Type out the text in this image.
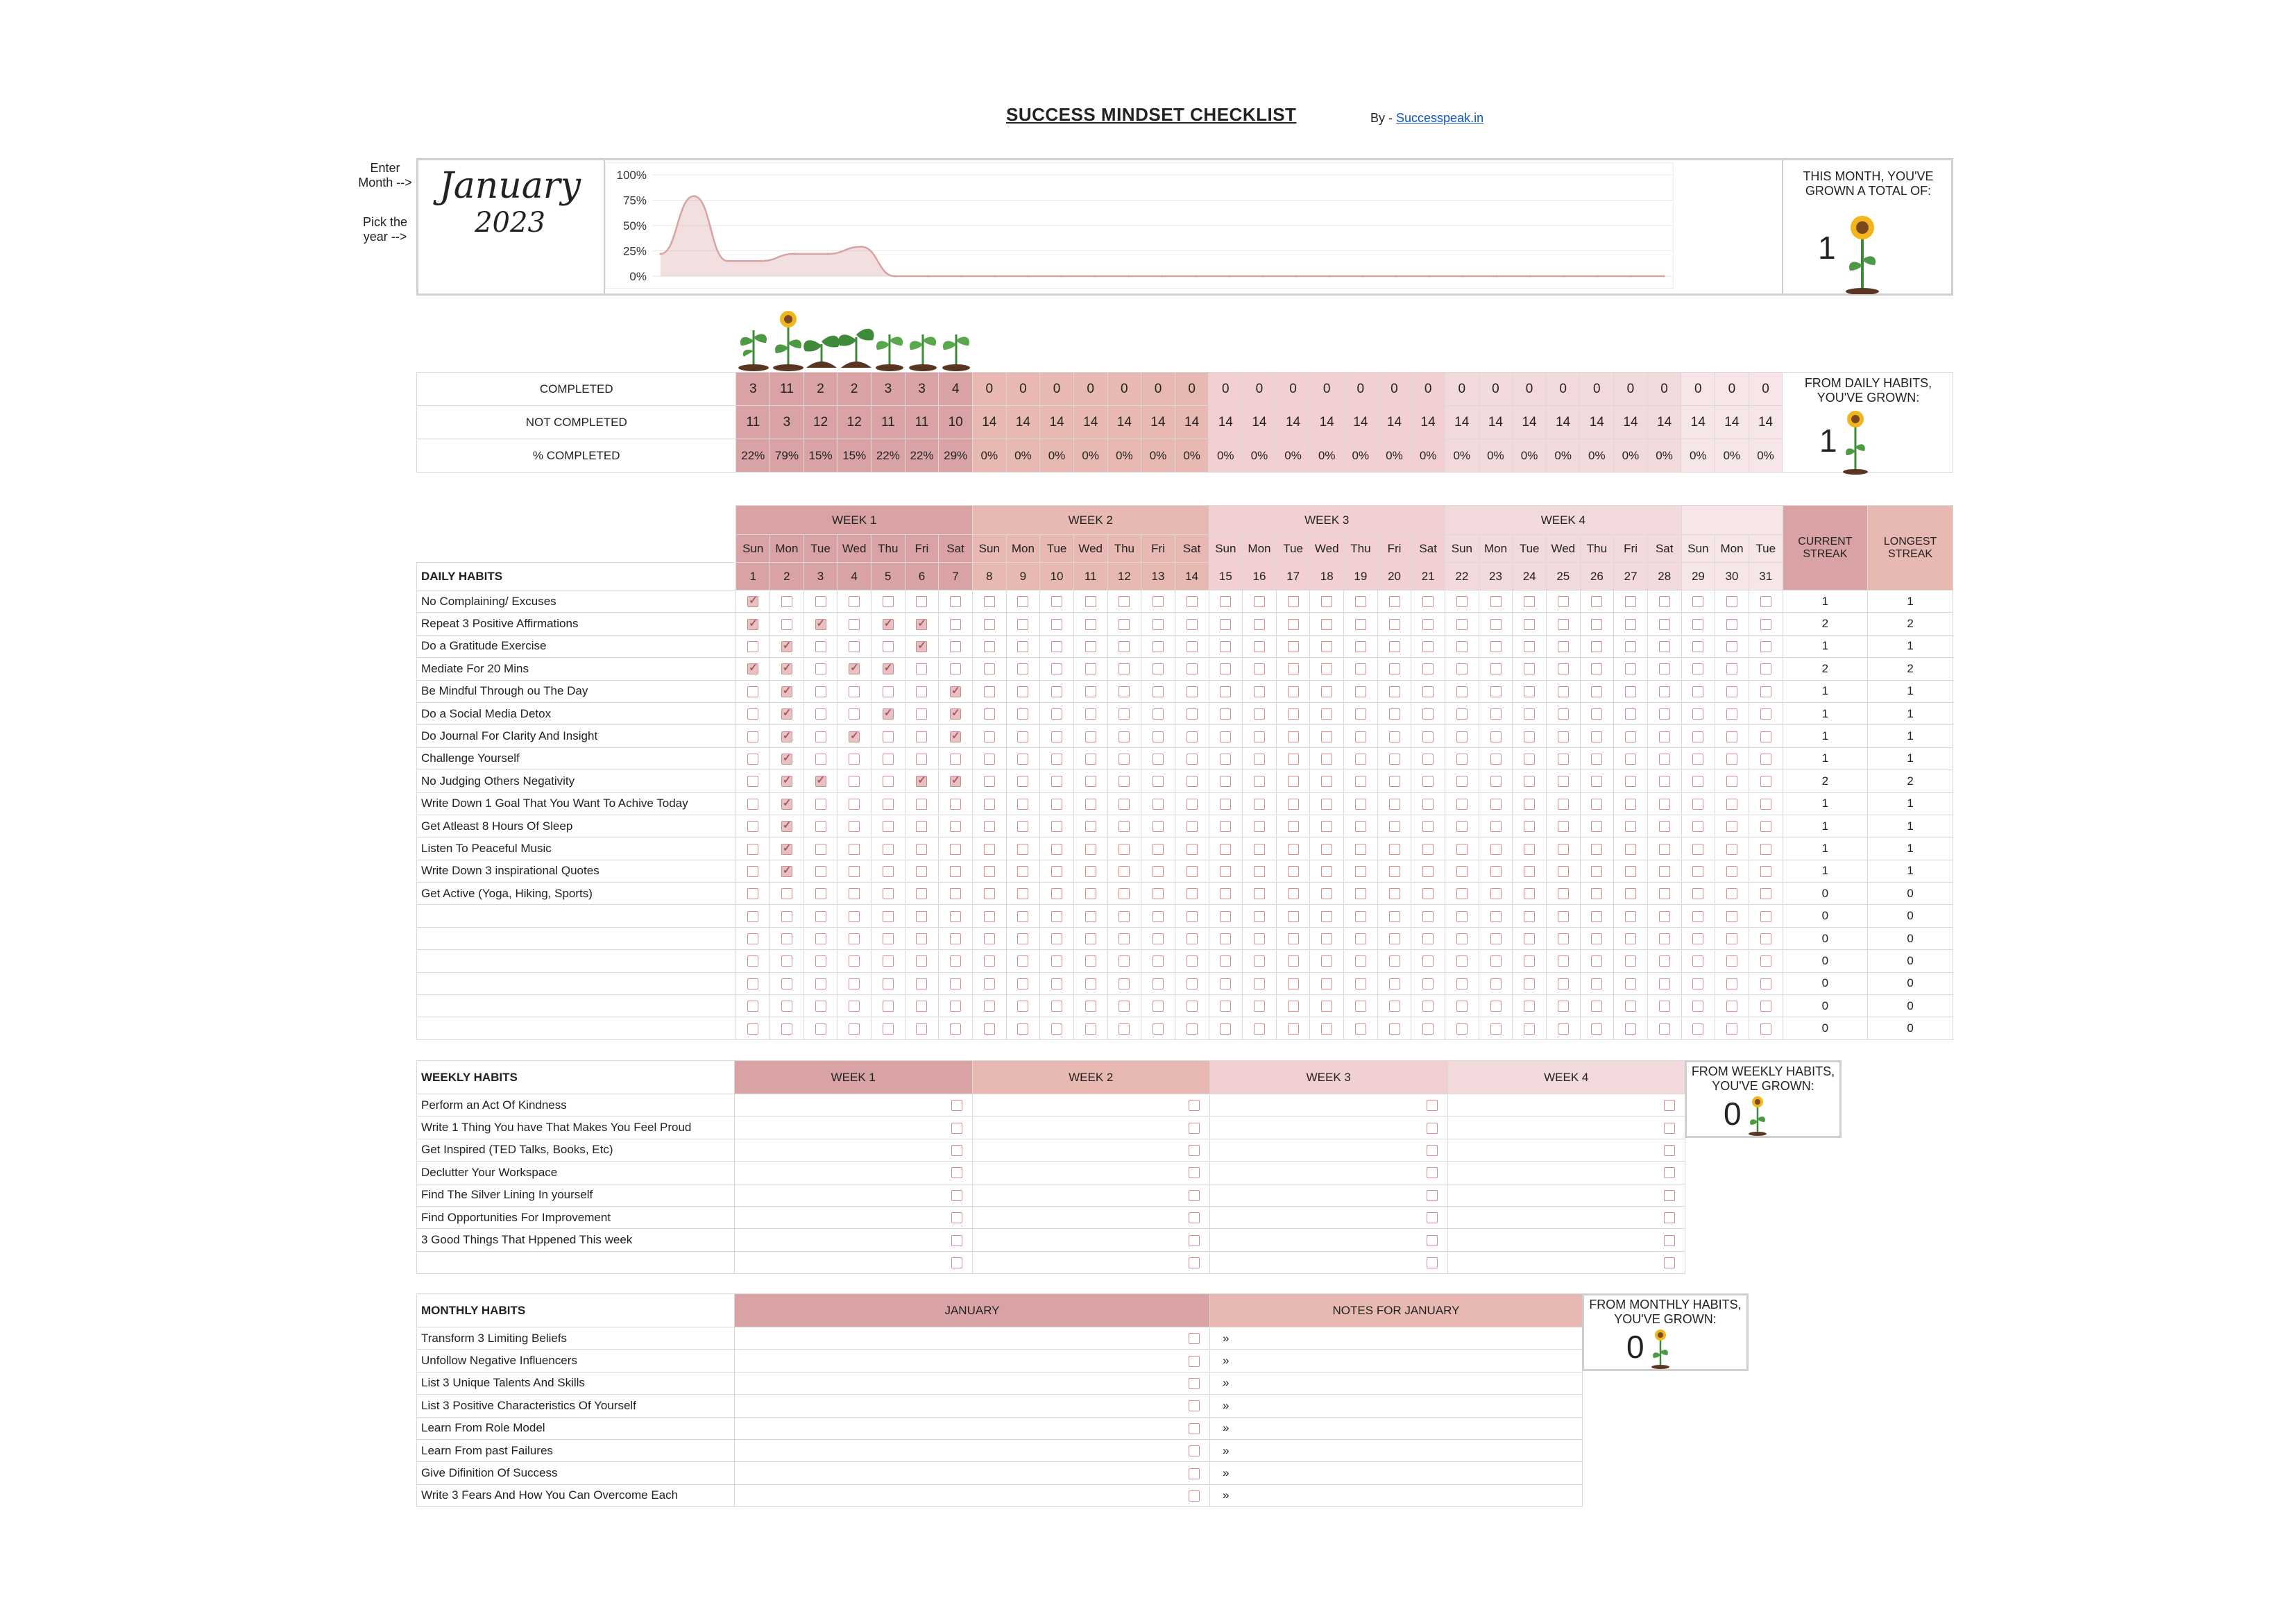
SUCCESS MINDSET CHECKLIST	By - Successpeak.in
Enter Month -->
Pick the year -->
January
2023
100%
75%
50%
25%
0%
THIS MONTH, YOU'VE GROWN A TOTAL OF:
1
COMPLETED	3	11	2	2	3	3	4	0	0	0	0	0	0	0	0	0	0	0	0	0	0	0	0	0	0	0	0	0	0	0	0	
NOT COMPLETED	11	3	12	12	11	11	10	14	14	14	14	14	14	14	14	14	14	14	14	14	14	14	14	14	14	14	14	14	14	14	14	
% COMPLETED	22%	79%	15%	15%	22%	22%	29%	0%	0%	0%	0%	0%	0%	0%	0%	0%	0%	0%	0%	0%	0%	0%	0%	0%	0%	0%	0%	0%	0%	0%	0%	
FROM DAILY HABITS, YOU'VE GROWN:
1
	WEEK 1							WEEK 2							WEEK 3							WEEK 4										CURRENT STREAK	LONGEST STREAK
	Sun	Mon	Tue	Wed	Thu	Fri	Sat	Sun	Mon	Tue	Wed	Thu	Fri	Sat	Sun	Mon	Tue	Wed	Thu	Fri	Sat	Sun	Mon	Tue	Wed	Thu	Fri	Sat	Sun	Mon	Tue		
DAILY HABITS	1	2	3	4	5	6	7	8	9	10	11	12	13	14	15	16	17	18	19	20	21	22	23	24	25	26	27	28	29	30	31		
No Complaining/ Excuses	✓																															1	1
Repeat 3 Positive Affirmations	✓		✓		✓	✓																										2	2
Do a Gratitude Exercise		✓				✓																										1	1
Mediate For 20 Mins	✓	✓		✓	✓																											2	2
Be Mindful Through ou The Day		✓					✓																									1	1
Do a Social Media Detox		✓			✓		✓																									1	1
Do Journal For Clarity And Insight		✓		✓			✓																									1	1
Challenge Yourself		✓																														1	1
No Judging Others Negativity		✓	✓			✓	✓																									2	2
Write Down 1 Goal That You Want To Achive Today		✓																														1	1
Get Atleast 8 Hours Of Sleep		✓																														1	1
Listen To Peaceful Music		✓																														1	1
Write Down 3 inspirational Quotes		✓																														1	1
Get Active (Yoga, Hiking, Sports)																																0	0
																																0	0
																																0	0
																																0	0
																																0	0
																																0	0
																																0	0
WEEKLY HABITS	WEEK 1	WEEK 2	WEEK 3	WEEK 4
Perform an Act Of Kindness				
Write 1 Thing You have That Makes You Feel Proud				
Get Inspired (TED Talks, Books, Etc)				
Declutter Your Workspace				
Find The Silver Lining In yourself				
Find Opportunities For Improvement				
3 Good Things That Hppened This week				

FROM WEEKLY HABITS, YOU'VE GROWN:
0
MONTHLY HABITS	JANUARY	NOTES FOR JANUARY
Transform 3 Limiting Beliefs		»
Unfollow Negative Influencers		»
List 3 Unique Talents And Skills		»
List 3 Positive Characteristics Of Yourself		»
Learn From Role Model		»
Learn From past Failures		»
Give Difinition Of Success		»
Write 3 Fears And How You Can Overcome Each		»
FROM MONTHLY HABITS, YOU'VE GROWN:
0
